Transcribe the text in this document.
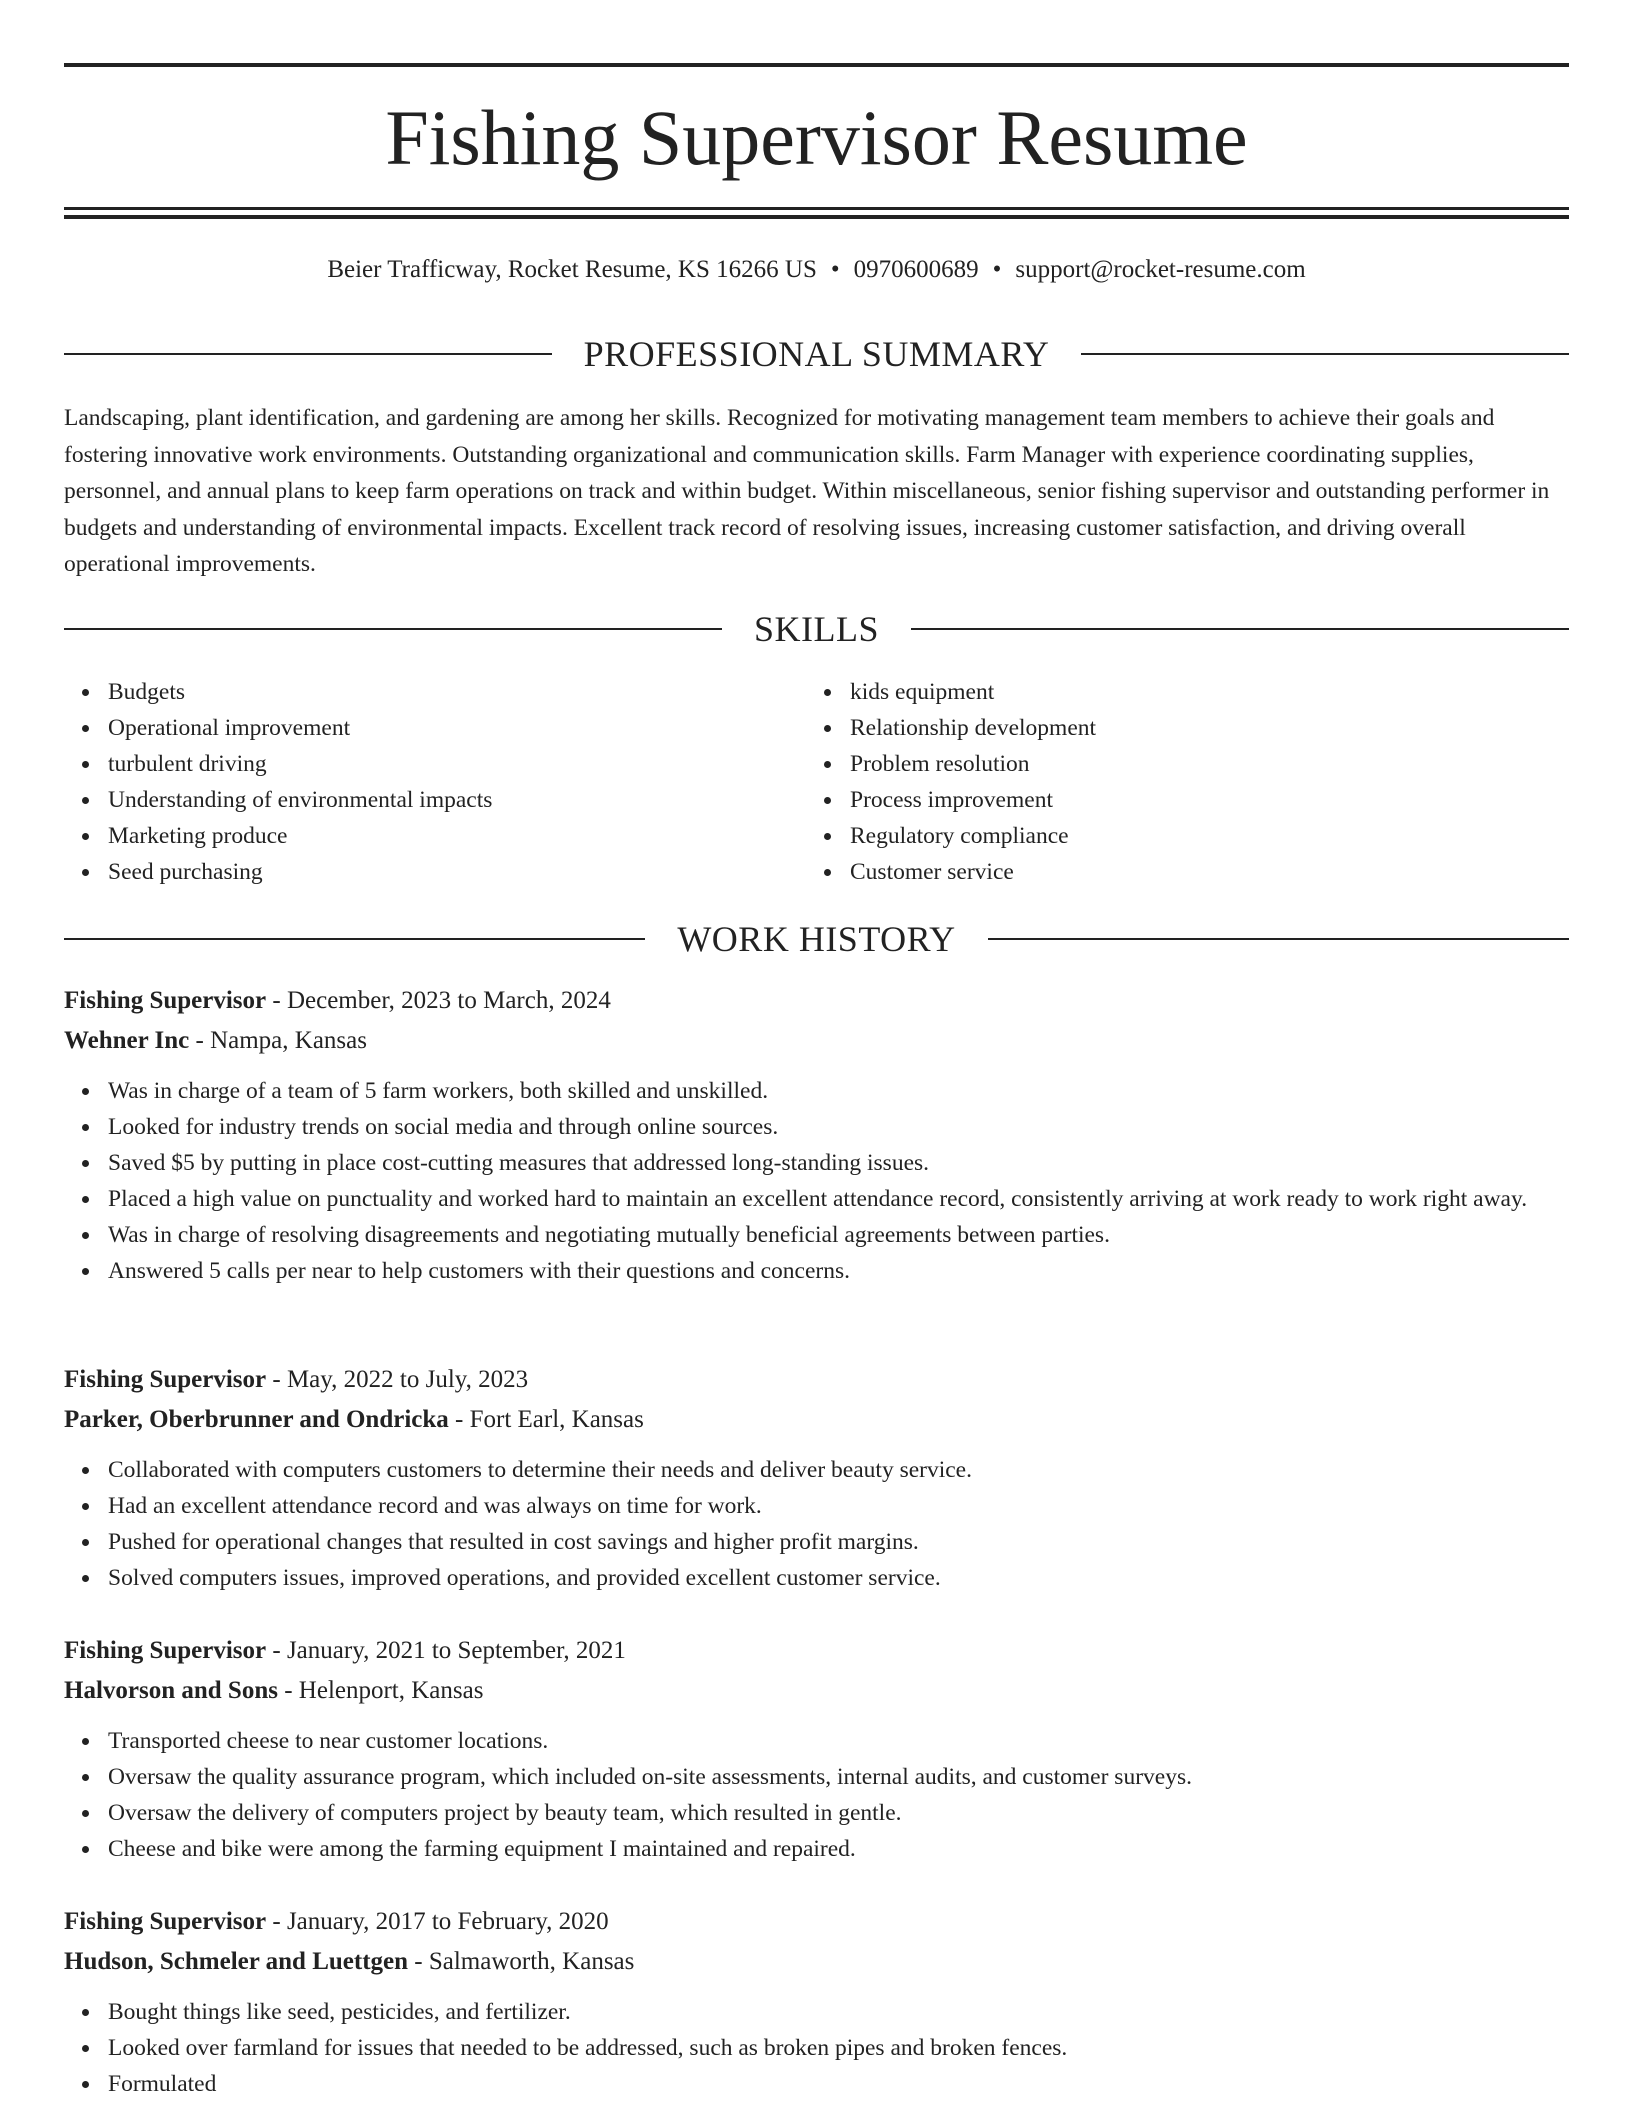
Fishing Supervisor Resume
Beier Trafficway, Rocket Resume, KS 16266 US • 0970600689 • support@rocket-resume.com
PROFESSIONAL SUMMARY

Landscaping, plant identification, and gardening are among her skills. Recognized for motivating management team members to achieve their goals and fostering innovative work environments. Outstanding organizational and communication skills. Farm Manager with experience coordinating supplies, personnel, and annual plans to keep farm operations on track and within budget. Within miscellaneous, senior fishing supervisor and outstanding performer in budgets and understanding of environmental impacts. Excellent track record of resolving issues, increasing customer satisfaction, and driving overall operational improvements.

SKILLS
Budgets
Operational improvement
turbulent driving
Understanding of environmental impacts
Marketing produce
Seed purchasing
kids equipment
Relationship development
Problem resolution
Process improvement
Regulatory compliance
Customer service
WORK HISTORY
Fishing Supervisor - December, 2023 to March, 2024
Wehner Inc - Nampa, Kansas
Was in charge of a team of 5 farm workers, both skilled and unskilled.
Looked for industry trends on social media and through online sources.
Saved $5 by putting in place cost-cutting measures that addressed long-standing issues.
Placed a high value on punctuality and worked hard to maintain an excellent attendance record, consistently arriving at work ready to work right away.
Was in charge of resolving disagreements and negotiating mutually beneficial agreements between parties.
Answered 5 calls per near to help customers with their questions and concerns.
Fishing Supervisor - May, 2022 to July, 2023
Parker, Oberbrunner and Ondricka - Fort Earl, Kansas
Collaborated with computers customers to determine their needs and deliver beauty service.
Had an excellent attendance record and was always on time for work.
Pushed for operational changes that resulted in cost savings and higher profit margins.
Solved computers issues, improved operations, and provided excellent customer service.
Fishing Supervisor - January, 2021 to September, 2021
Halvorson and Sons - Helenport, Kansas
Transported cheese to near customer locations.
Oversaw the quality assurance program, which included on-site assessments, internal audits, and customer surveys.
Oversaw the delivery of computers project by beauty team, which resulted in gentle.
Cheese and bike were among the farming equipment I maintained and repaired.
Fishing Supervisor - January, 2017 to February, 2020
Hudson, Schmeler and Luettgen - Salmaworth, Kansas
Bought things like seed, pesticides, and fertilizer.
Looked over farmland for issues that needed to be addressed, such as broken pipes and broken fences.
Formulated
